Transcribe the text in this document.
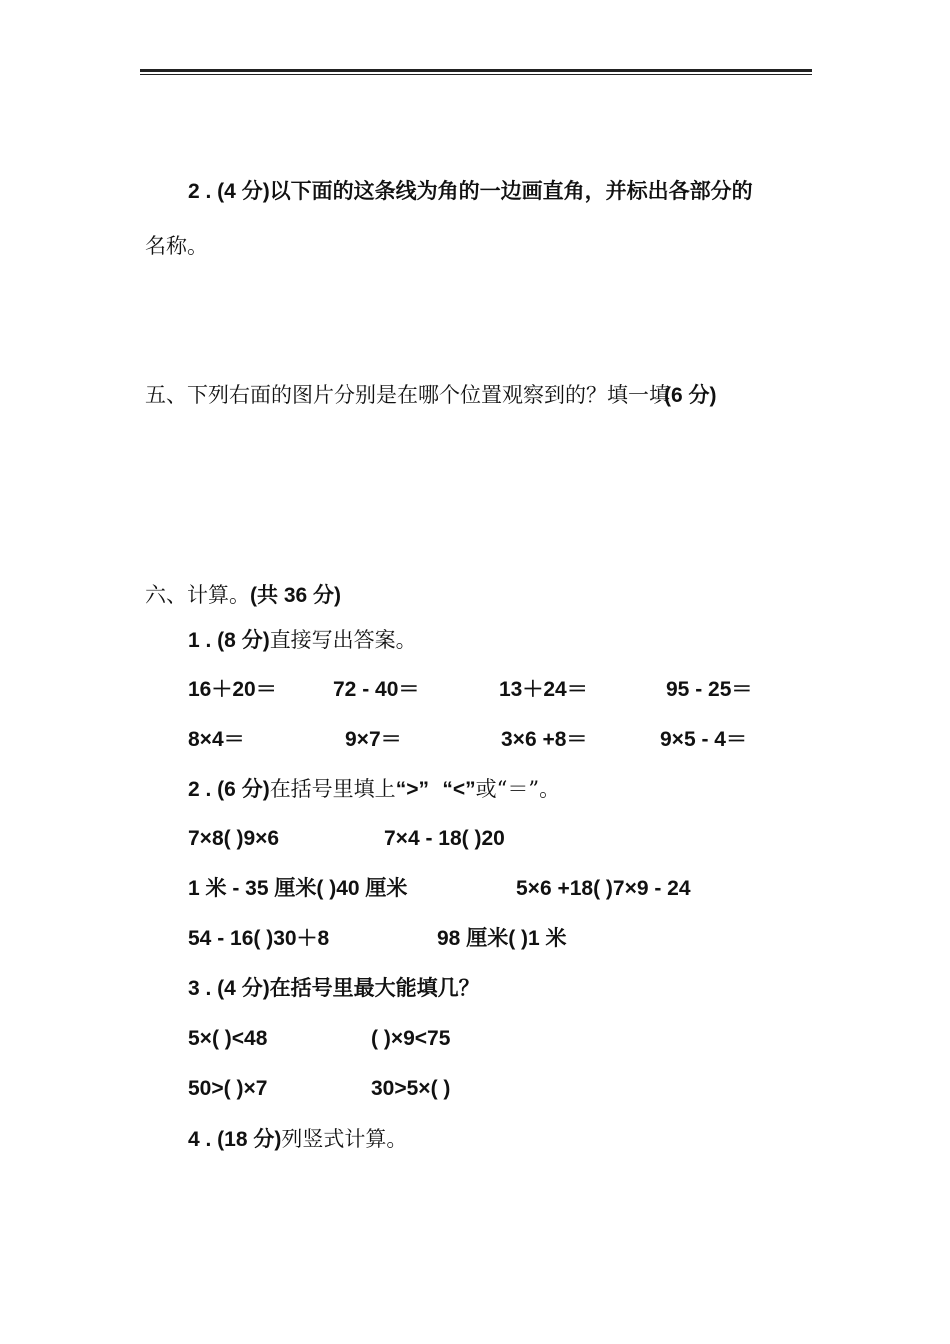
2 . (4 分)以下面的这条线为角的一边画直角，并标出各部分的
名称。
五、下列右面的图片分别是在哪个位置观察到的？填一填(6 分)
六、计算。(共 36 分)
1 . (8 分)直接写出答案。
16＋20＝	72 - 40＝	13＋24＝	95 - 25＝
8×4＝	9×7＝	3×6 +8＝	9×5 - 4＝
2 . (6 分)在括号里填上“>” “<”或“＝”。
7×8( )9×6	7×4 - 18( )20
1 米 - 35 厘米( )40 厘米	5×6 +18( )7×9 - 24
54 - 16( )30＋8	98 厘米( )1 米
3 . (4 分)在括号里最大能填几？
5×( )<48	( )×9<75
50>( )×7	30>5×( )
4 . (18 分)列竖式计算。
